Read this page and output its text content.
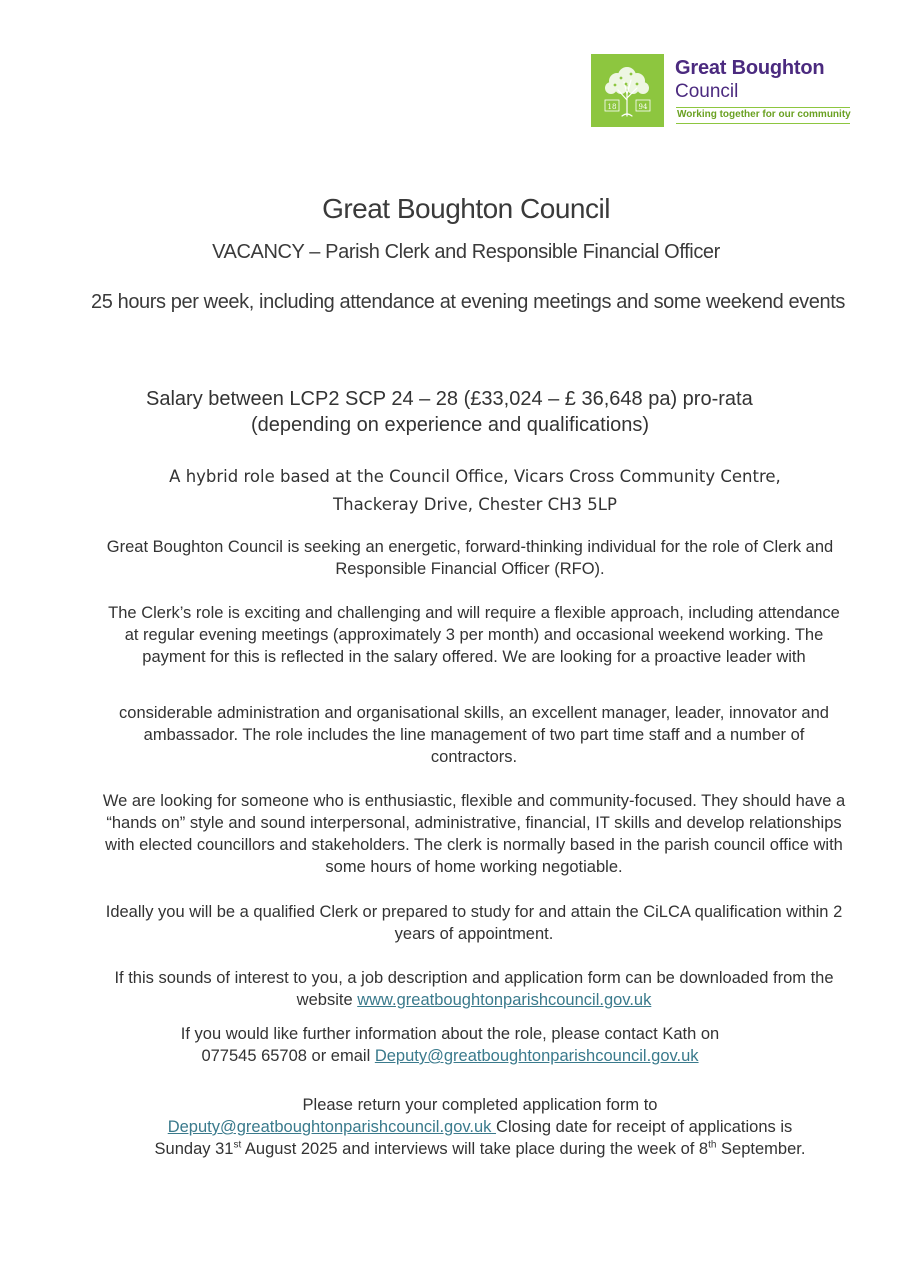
18	94
Great Boughton
Council
Working together for our community
Great Boughton Council
VACANCY – Parish Clerk and Responsible Financial Officer
25 hours per week, including attendance at evening meetings and some weekend events
Salary between LCP2 SCP 24 – 28 (£33,024 – £ 36,648 pa) pro-rata
(depending on experience and qualifications)
A hybrid role based at the Council Office, Vicars Cross Community Centre,
Thackeray Drive, Chester CH3 5LP
Great Boughton Council is seeking an energetic, forward-thinking individual for the role of Clerk and Responsible Financial Officer (RFO).
The Clerk’s role is exciting and challenging and will require a flexible approach, including attendance at regular evening meetings (approximately 3 per month) and occasional weekend working. The payment for this is reflected in the salary offered. We are looking for a proactive leader with
considerable administration and organisational skills, an excellent manager, leader, innovator and ambassador. The role includes the line management of two part time staff and a number of contractors.
We are looking for someone who is enthusiastic, flexible and community-focused. They should have a “hands on” style and sound interpersonal, administrative, financial, IT skills and develop relationships with elected councillors and stakeholders. The clerk is normally based in the parish council office with some hours of home working negotiable.
Ideally you will be a qualified Clerk or prepared to study for and attain the CiLCA qualification within 2 years of appointment.
If this sounds of interest to you, a job description and application form can be downloaded from the website www.greatboughtonparishcouncil.gov.uk
If you would like further information about the role, please contact Kath on
077545 65708 or email Deputy@greatboughtonparishcouncil.gov.uk
Please return your completed application form to
Deputy@greatboughtonparishcouncil.gov.uk Closing date for receipt of applications is
Sunday 31st August 2025 and interviews will take place during the week of 8th September.
